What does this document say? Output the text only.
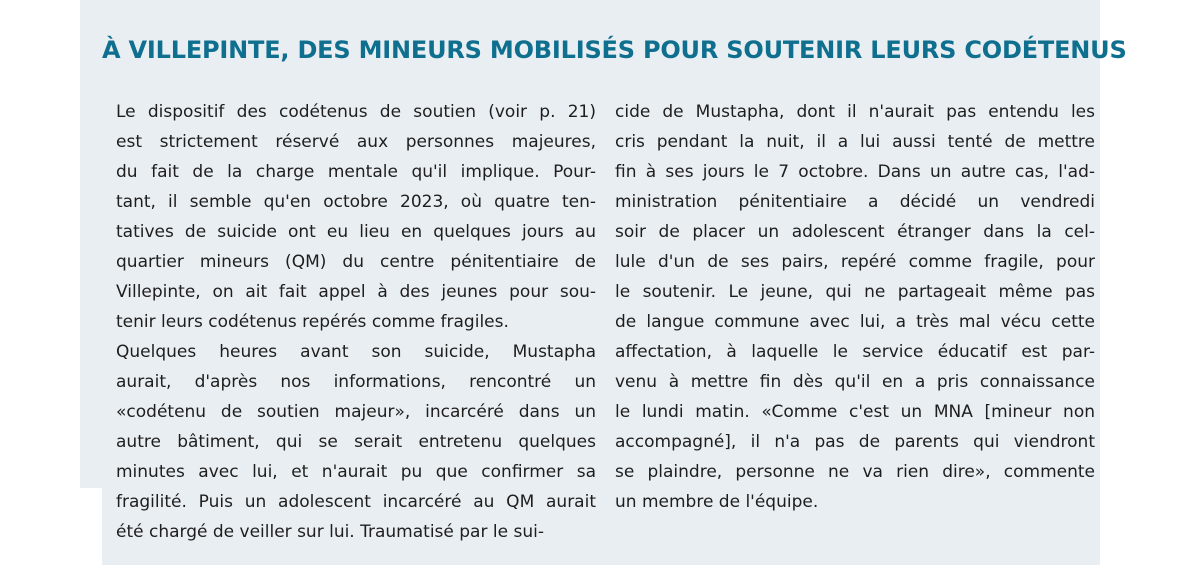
À VILLEPINTE, DES MINEURS MOBILISÉS POUR SOUTENIR LEURS CODÉTENUS
Le dispositif des codétenus de soutien (voir p. 21)
est strictement réservé aux personnes majeures,
du fait de la charge mentale qu'il implique. Pour-
tant, il semble qu'en octobre 2023, où quatre ten-
tatives de suicide ont eu lieu en quelques jours au
quartier mineurs (QM) du centre pénitentiaire de
Villepinte, on ait fait appel à des jeunes pour sou-
tenir leurs codétenus repérés comme fragiles.
Quelques heures avant son suicide, Mustapha
aurait, d'après nos informations, rencontré un
«codétenu de soutien majeur», incarcéré dans un
autre bâtiment, qui se serait entretenu quelques
minutes avec lui, et n'aurait pu que confirmer sa
fragilité. Puis un adolescent incarcéré au QM aurait
été chargé de veiller sur lui. Traumatisé par le sui-
cide de Mustapha, dont il n'aurait pas entendu les
cris pendant la nuit, il a lui aussi tenté de mettre
fin à ses jours le 7 octobre. Dans un autre cas, l'ad-
ministration pénitentiaire a décidé un vendredi
soir de placer un adolescent étranger dans la cel-
lule d'un de ses pairs, repéré comme fragile, pour
le soutenir. Le jeune, qui ne partageait même pas
de langue commune avec lui, a très mal vécu cette
affectation, à laquelle le service éducatif est par-
venu à mettre fin dès qu'il en a pris connaissance
le lundi matin. «Comme c'est un MNA [mineur non
accompagné], il n'a pas de parents qui viendront
se plaindre, personne ne va rien dire», commente
un membre de l'équipe.
